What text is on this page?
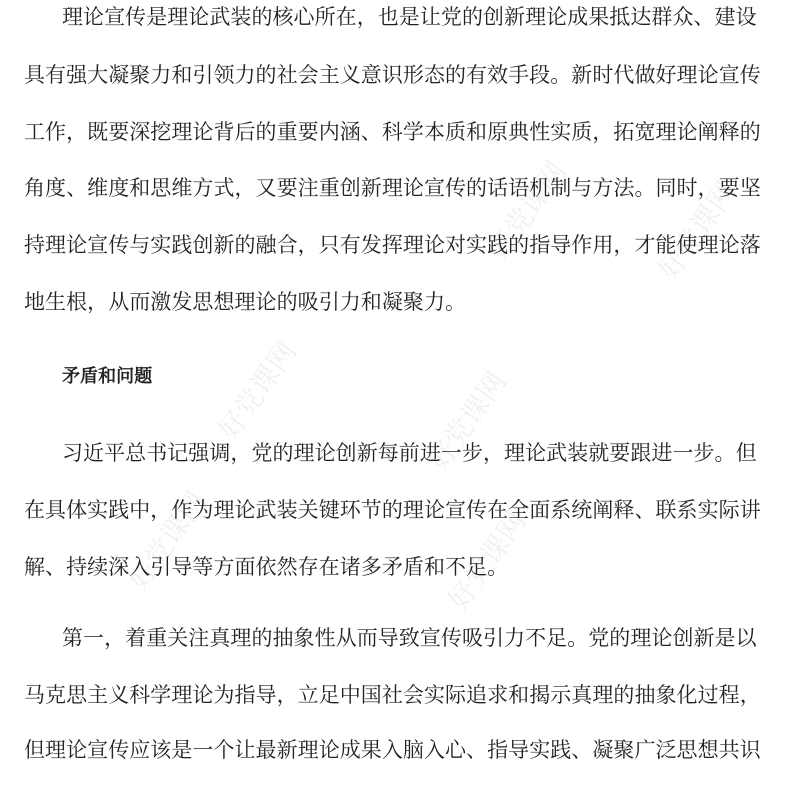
好党课网	好党课网
好党课网	好党课网
好党课网	好党课网
理论宣传是理论武装的核心所在，也是让党的创新理论成果抵达群众、建设
具有强大凝聚力和引领力的社会主义意识形态的有效手段。新时代做好理论宣传
工作，既要深挖理论背后的重要内涵、科学本质和原典性实质，拓宽理论阐释的
角度、维度和思维方式，又要注重创新理论宣传的话语机制与方法。同时，要坚
持理论宣传与实践创新的融合，只有发挥理论对实践的指导作用，才能使理论落
地生根，从而激发思想理论的吸引力和凝聚力。
矛盾和问题
习近平总书记强调，党的理论创新每前进一步，理论武装就要跟进一步。但
在具体实践中，作为理论武装关键环节的理论宣传在全面系统阐释、联系实际讲
解、持续深入引导等方面依然存在诸多矛盾和不足。
第一，着重关注真理的抽象性从而导致宣传吸引力不足。党的理论创新是以
马克思主义科学理论为指导，立足中国社会实际追求和揭示真理的抽象化过程，
但理论宣传应该是一个让最新理论成果入脑入心、指导实践、凝聚广泛思想共识
